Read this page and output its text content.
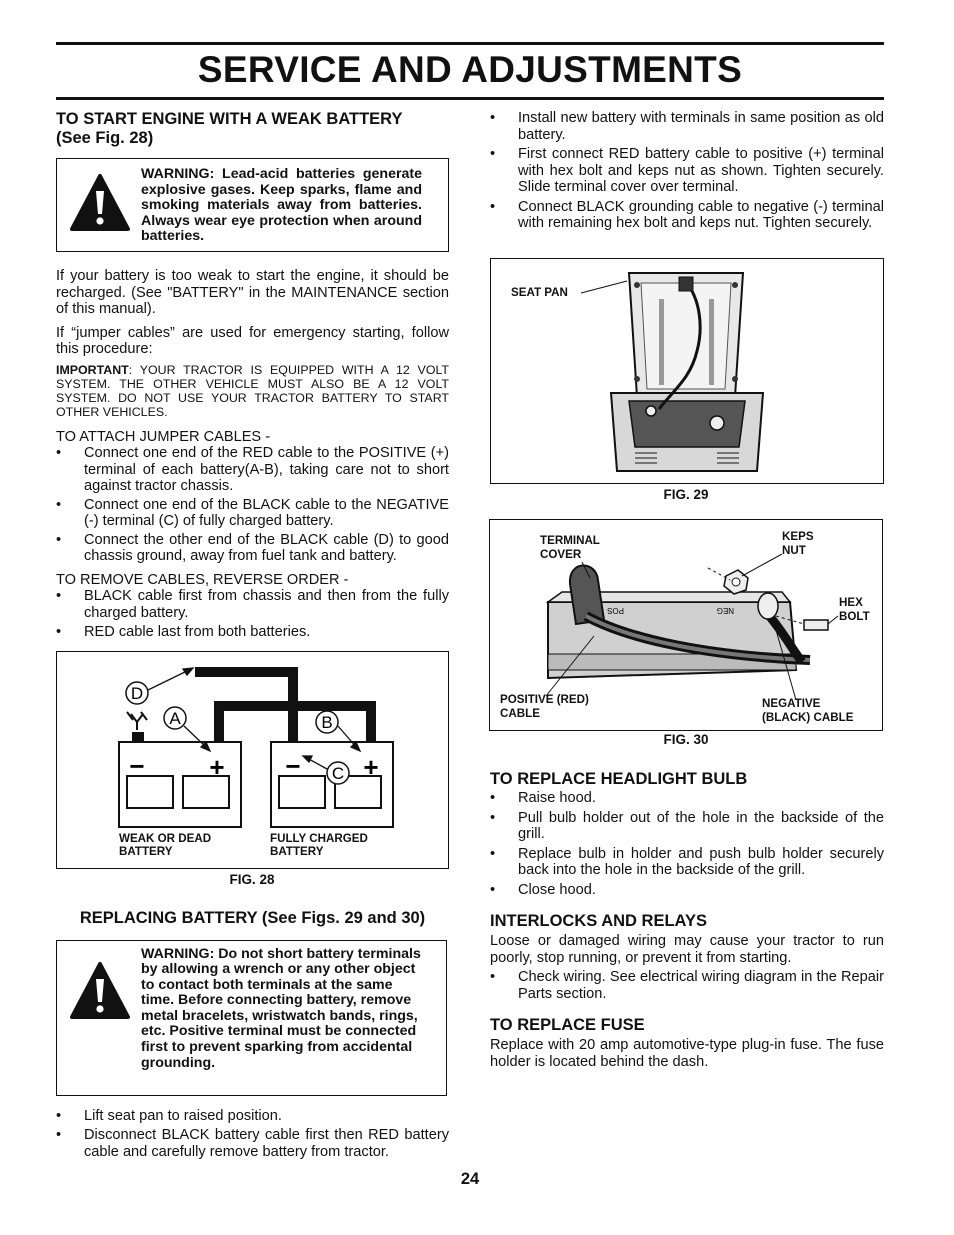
SERVICE AND ADJUSTMENTS
TO START ENGINE WITH A WEAK BATTERY
(See Fig. 28)
WARNING: Lead-acid batteries generate explosive gases. Keep sparks, flame and smoking materials away from batteries. Always wear eye protection when around batteries.

If your battery is too weak to start the engine, it should be recharged. (See "BATTERY" in the MAINTENANCE section of this manual).

If “jumper cables” are used for emergency starting, follow this procedure:

IMPORTANT: YOUR TRACTOR IS EQUIPPED WITH A 12 VOLT SYSTEM. THE OTHER VEHICLE MUST ALSO BE A 12 VOLT SYSTEM. DO NOT USE YOUR TRACTOR BATTERY TO START OTHER VEHICLES.

TO ATTACH JUMPER CABLES -

• Connect one end of the RED cable to the POSITIVE (+) terminal of each battery(A-B), taking care not to short against tractor chassis.
• Connect one end of the BLACK cable to the NEGATIVE (-) terminal (C) of fully charged battery.
• Connect the other end of the BLACK cable (D) to good chassis ground, away from fuel tank and battery.

TO REMOVE CABLES, REVERSE ORDER -

• BLACK cable first from chassis and then from the fully charged battery.
• RED cable last from both batteries.
D
A	B
C
− + − +
WEAK OR DEAD
BATTERY
FULLY CHARGED
BATTERY
FIG. 28
REPLACING BATTERY (See Figs. 29 and 30)
WARNING: Do not short battery terminals by allowing a wrench or any other object to contact both terminals at the same time. Before connecting battery, remove metal bracelets, wristwatch bands, rings, etc. Positive terminal must be connected first to prevent sparking from accidental grounding.
• Lift seat pan to raised position.
• Disconnect BLACK battery cable first then RED battery cable and carefully remove battery from tractor.
• Install new battery with terminals in same position as old battery.
• First connect RED battery cable to positive (+) terminal with hex bolt and keps nut as shown. Tighten securely. Slide terminal cover over terminal.
• Connect BLACK grounding cable to negative (-) terminal with remaining hex bolt and keps nut. Tighten securely.
SEAT PAN
FIG. 29
POS	NEG
TERMINAL
COVER
KEPS
NUT
HEX
BOLT
POSITIVE (RED)
CABLE
NEGATIVE
(BLACK) CABLE
FIG. 30
TO REPLACE HEADLIGHT BULB
• Raise hood.
• Pull bulb holder out of the hole in the backside of the grill.
• Replace bulb in holder and push bulb holder securely back into the hole in the backside of the grill.
• Close hood.
INTERLOCKS AND RELAYS

Loose or damaged wiring may cause your tractor to run poorly, stop running, or prevent it from starting.

• Check wiring. See electrical wiring diagram in the Repair Parts section.
TO REPLACE FUSE

Replace with 20 amp automotive-type plug-in fuse. The fuse holder is located behind the dash.

24
